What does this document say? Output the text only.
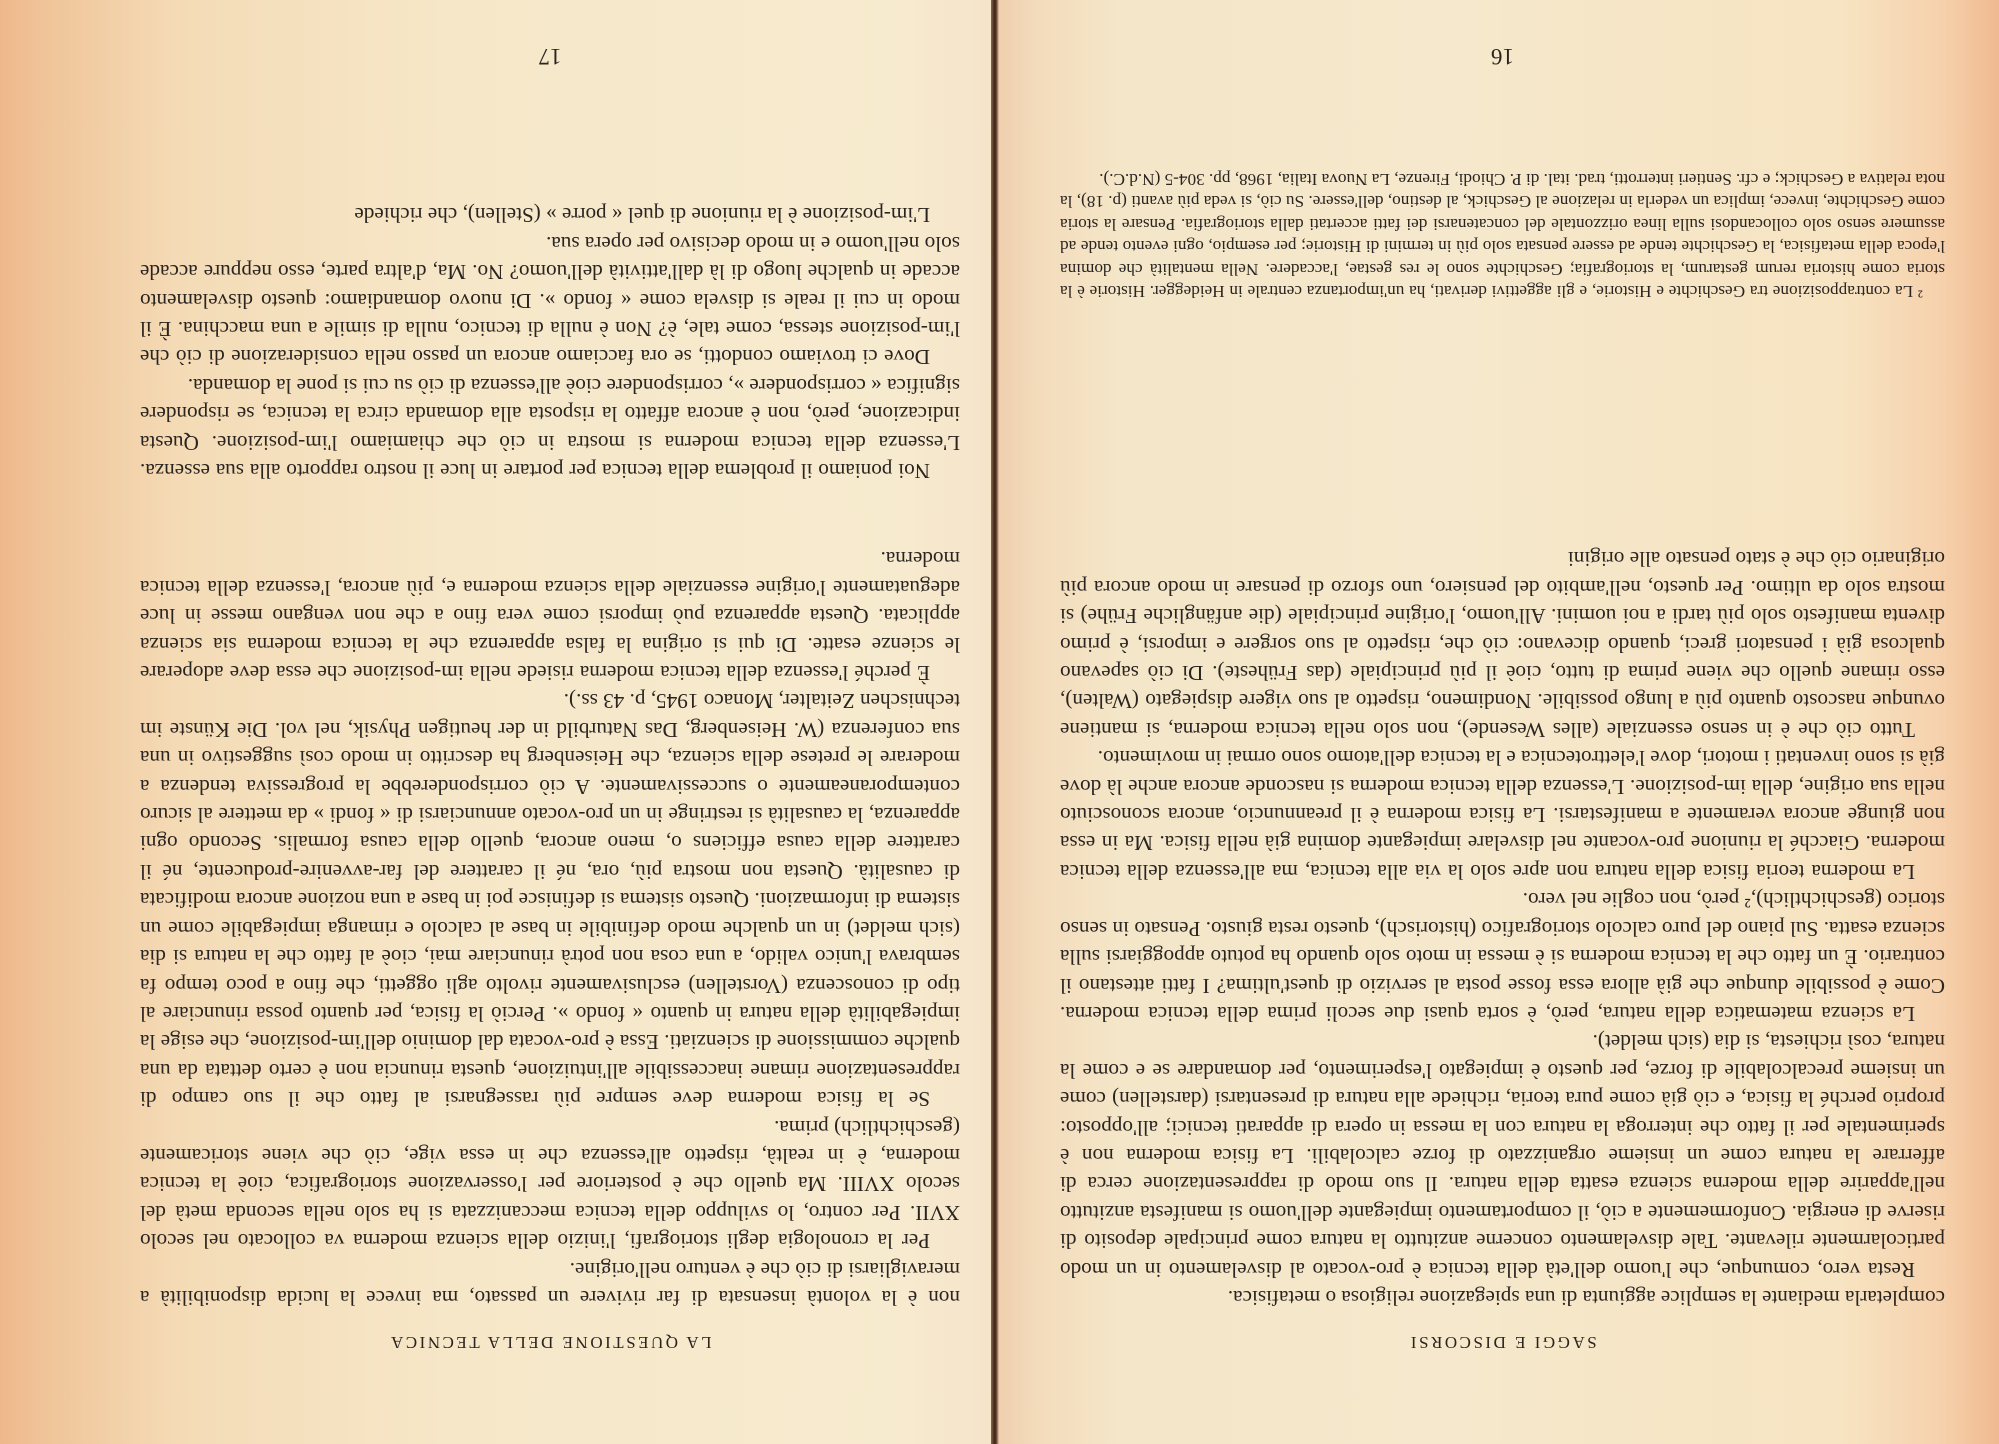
SAGGI E DISCORSI

completarla mediante la semplice aggiunta di una spiegazione religiosa o metafisica.

Resta vero, comunque, che l'uomo dell'età della tecnica è pro-vocato al disvelamento in un modo particolarmente rilevante. Tale disvelamento concerne anzitutto la natura come principale deposito di riserve di energia. Conformemente a ciò, il comportamento impiegante dell'uomo si manifesta anzitutto nell'apparire della moderna scienza esatta della natura. Il suo modo di rappresentazione cerca di afferrare la natura come un insieme organizzato di forze calcolabili. La fisica moderna non è sperimentale per il fatto che interroga la natura con la messa in opera di apparati tecnici; all'opposto: proprio perché la fisica, e ciò già come pura teoria, richiede alla natura di presentarsi (darstellen) come un insieme precalcolabile di forze, per questo è impiegato l'esperimento, per domandare se e come la natura, così richiesta, si dia (sich meldet).

La scienza matematica della natura, però, è sorta quasi due secoli prima della tecnica moderna. Come è possibile dunque che già allora essa fosse posta al servizio di quest'ultima? I fatti attestano il contrario. È un fatto che la tecnica moderna si è messa in moto solo quando ha potuto appoggiarsi sulla scienza esatta. Sul piano del puro calcolo storiografico (historisch), questo resta giusto. Pensato in senso storico (geschichtlich),² però, non coglie nel vero.

La moderna teoria fisica della natura non apre solo la via alla tecnica, ma all'essenza della tecnica moderna. Giacché la riunione pro-vocante nel disvelare impiegante domina già nella fisica. Ma in essa non giunge ancora veramente a manifestarsi. La fisica moderna è il preannuncio, ancora sconosciuto nella sua origine, della im-posizione. L'essenza della tecnica moderna si nasconde ancora anche là dove già si sono inventati i motori, dove l'elettrotecnica e la tecnica dell'atomo sono ormai in movimento.

Tutto ciò che è in senso essenziale (alles Wesende), non solo nella tecnica moderna, si mantiene ovunque nascosto quanto più a lungo possibile. Nondimeno, rispetto al suo vigere dispiegato (Walten), esso rimane quello che viene prima di tutto, cioè il più principiale (das Früheste). Di ciò sapevano qualcosa già i pensatori greci, quando dicevano: ciò che, rispetto al suo sorgere e imporsi, è primo diventa manifesto solo più tardi a noi uomini. All'uomo, l'origine principiale (die anfängliche Frühe) si mostra solo da ultimo. Per questo, nell'ambito del pensiero, uno sforzo di pensare in modo ancora più originario ciò che è stato pensato alle origini

² La contrapposizione tra Geschichte e Historie, e gli aggettivi derivati, ha un'importanza centrale in Heidegger. Historie è la storia come historia rerum gestarum, la storiografia; Geschichte sono le res gestae, l'accadere. Nella mentalità che domina l'epoca della metafisica, la Geschichte tende ad essere pensata solo più in termini di Historie; per esempio, ogni evento tende ad assumere senso solo collocandosi sulla linea orizzontale del concatenarsi dei fatti accertati dalla storiografia. Pensare la storia come Geschichte, invece, implica un vederla in relazione al Geschick, al destino, dell'essere. Su ciò, si veda più avanti (p. 18), la nota relativa a Geschick; e cfr. Sentieri interrotti, trad. ital. di P. Chiodi, Firenze, La Nuova Italia, 1968, pp. 304-5 (N.d.C.).

16
LA QUESTIONE DELLA TECNICA

non è la volontà insensata di far rivivere un passato, ma invece la lucida disponibilità a meravigliarsi di ciò che è venturo nell'origine.

Per la cronologia degli storiografi, l'inizio della scienza moderna va collocato nel secolo XVII. Per contro, lo sviluppo della tecnica meccanizzata si ha solo nella seconda metà del secolo XVIII. Ma quello che è posteriore per l'osservazione storiografica, cioè la tecnica moderna, è in realtà, rispetto all'essenza che in essa vige, ciò che viene storicamente (geschichtlich) prima.

Se la fisica moderna deve sempre più rassegnarsi al fatto che il suo campo di rappresentazione rimane inaccessibile all'intuizione, questa rinuncia non è certo dettata da una qualche commissione di scienziati. Essa è pro-vocata dal dominio dell'im-posizione, che esige la impiegabilità della natura in quanto « fondo ». Perciò la fisica, per quanto possa rinunciare al tipo di conoscenza (Vorstellen) esclusivamente rivolto agli oggetti, che fino a poco tempo fa sembrava l'unico valido, a una cosa non potrà rinunciare mai, cioè al fatto che la natura si dia (sich meldet) in un qualche modo definibile in base al calcolo e rimanga impiegabile come un sistema di informazioni. Questo sistema si definisce poi in base a una nozione ancora modificata di causalità. Questa non mostra più, ora, né il carattere del far-avvenire-producente, né il carattere della causa efficiens o, meno ancora, quello della causa formalis. Secondo ogni apparenza, la causalità si restringe in un pro-vocato annunciarsi di « fondi » da mettere al sicuro contemporaneamente o successivamente. A ciò corrisponderebbe la progressiva tendenza a moderare le pretese della scienza, che Heisenberg ha descritto in modo così suggestivo in una sua conferenza (W. Heisenberg, Das Naturbild in der heutigen Physik, nel vol. Die Künste im technischen Zeitalter, Monaco 1945, p. 43 ss.).

È perché l'essenza della tecnica moderna risiede nella im-posizione che essa deve adoperare le scienze esatte. Di qui si origina la falsa apparenza che la tecnica moderna sia scienza applicata. Questa apparenza può imporsi come vera fino a che non vengano messe in luce adeguatamente l'origine essenziale della scienza moderna e, più ancora, l'essenza della tecnica moderna.

Noi poniamo il problema della tecnica per portare in luce il nostro rapporto alla sua essenza. L'essenza della tecnica moderna si mostra in ciò che chiamiamo l'im-posizione. Questa indicazione, però, non è ancora affatto la risposta alla domanda circa la tecnica, se rispondere significa « corrispondere », corrispondere cioè all'essenza di ciò su cui si pone la domanda.

Dove ci troviamo condotti, se ora facciamo ancora un passo nella considerazione di ciò che l'im-posizione stessa, come tale, è? Non è nulla di tecnico, nulla di simile a una macchina. È il modo in cui il reale si disvela come « fondo ». Di nuovo domandiamo: questo disvelamento accade in qualche luogo di là dall'attività dell'uomo? No. Ma, d'altra parte, esso neppure accade solo nell'uomo e in modo decisivo per opera sua.

L'im-posizione è la riunione di quel « porre » (Stellen), che richiede

17
